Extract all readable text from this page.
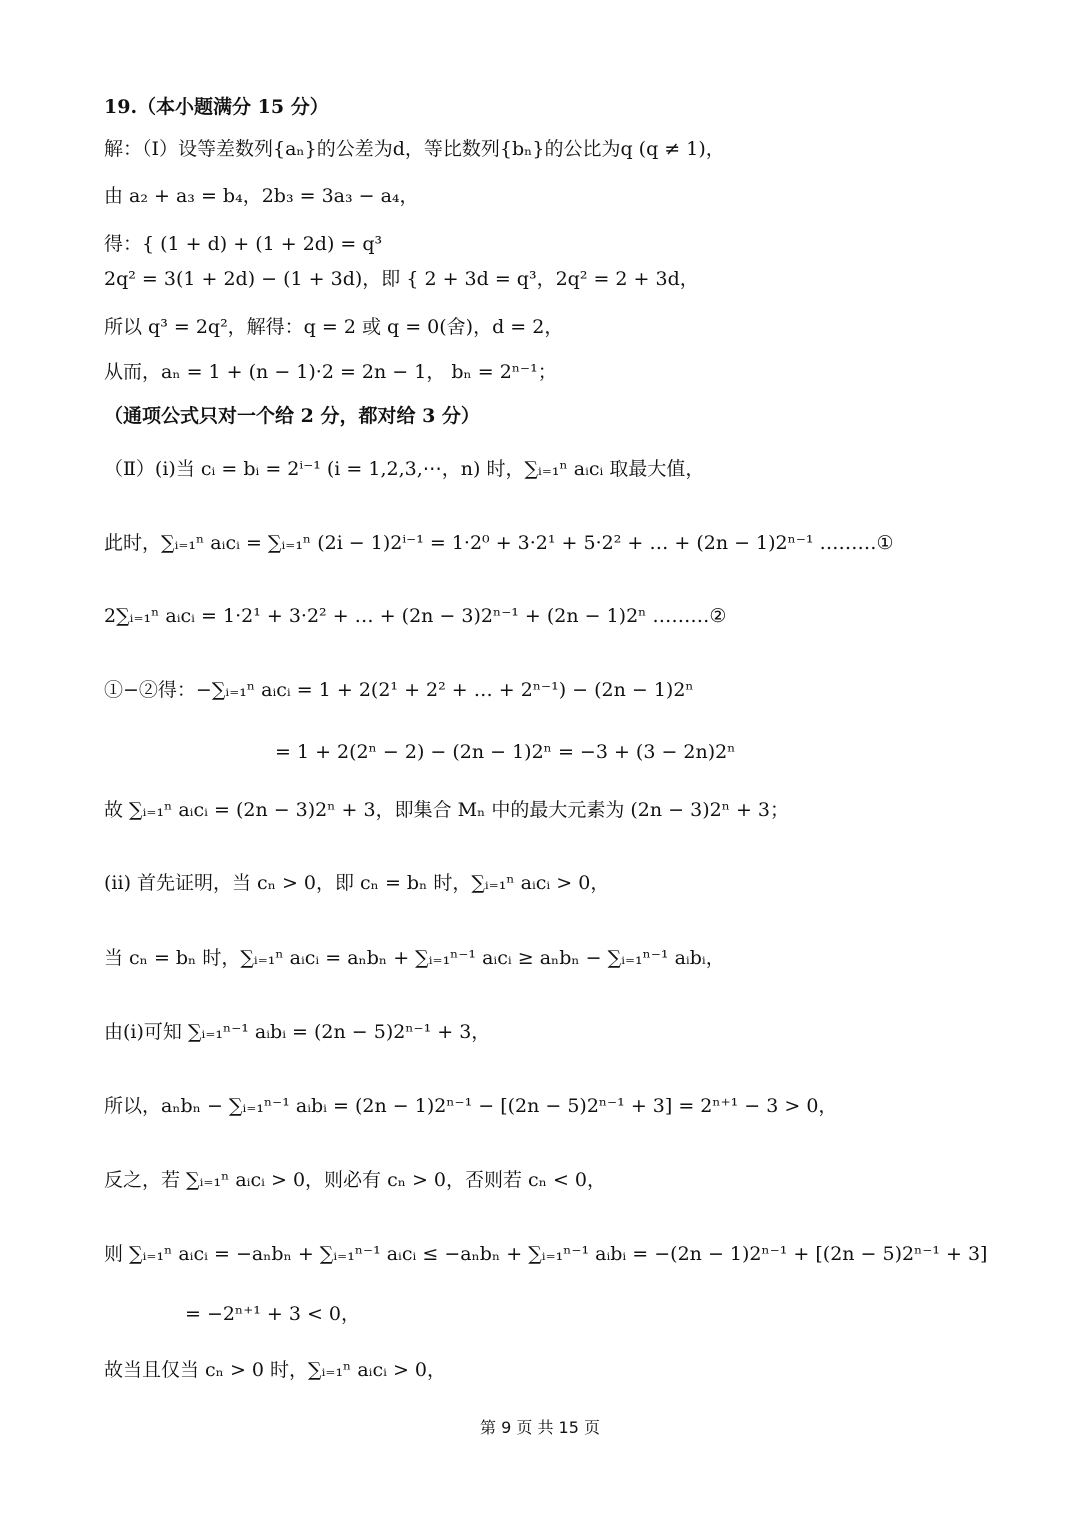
19.（本小题满分 15 分）
解：（Ⅰ）设等差数列{aₙ}的公差为d，等比数列{bₙ}的公比为q (q ≠ 1)，
由 a₂ + a₃ = b₄，2b₃ = 3a₃ − a₄，
得：{ (1 + d) + (1 + 2d) = q³
2q² = 3(1 + 2d) − (1 + 3d)，即 { 2 + 3d = q³，2q² = 2 + 3d，
所以 q³ = 2q²，解得：q = 2 或 q = 0(舍)，d = 2，
从而，aₙ = 1 + (n − 1)·2 = 2n − 1， bₙ = 2ⁿ⁻¹；
（通项公式只对一个给 2 分，都对给 3 分）
（Ⅱ）(i)当 cᵢ = bᵢ = 2ⁱ⁻¹ (i = 1,2,3,⋯，n) 时，∑ᵢ₌₁ⁿ aᵢcᵢ 取最大值，
此时，∑ᵢ₌₁ⁿ aᵢcᵢ = ∑ᵢ₌₁ⁿ (2i − 1)2ⁱ⁻¹ = 1·2⁰ + 3·2¹ + 5·2² + … + (2n − 1)2ⁿ⁻¹ ………①
2∑ᵢ₌₁ⁿ aᵢcᵢ = 1·2¹ + 3·2² + … + (2n − 3)2ⁿ⁻¹ + (2n − 1)2ⁿ ………②
①−②得：−∑ᵢ₌₁ⁿ aᵢcᵢ = 1 + 2(2¹ + 2² + … + 2ⁿ⁻¹) − (2n − 1)2ⁿ
= 1 + 2(2ⁿ − 2) − (2n − 1)2ⁿ = −3 + (3 − 2n)2ⁿ
故 ∑ᵢ₌₁ⁿ aᵢcᵢ = (2n − 3)2ⁿ + 3，即集合 Mₙ 中的最大元素为 (2n − 3)2ⁿ + 3；
(ii) 首先证明，当 cₙ > 0，即 cₙ = bₙ 时，∑ᵢ₌₁ⁿ aᵢcᵢ > 0，
当 cₙ = bₙ 时，∑ᵢ₌₁ⁿ aᵢcᵢ = aₙbₙ + ∑ᵢ₌₁ⁿ⁻¹ aᵢcᵢ ≥ aₙbₙ − ∑ᵢ₌₁ⁿ⁻¹ aᵢbᵢ，
由(i)可知 ∑ᵢ₌₁ⁿ⁻¹ aᵢbᵢ = (2n − 5)2ⁿ⁻¹ + 3，
所以，aₙbₙ − ∑ᵢ₌₁ⁿ⁻¹ aᵢbᵢ = (2n − 1)2ⁿ⁻¹ − [(2n − 5)2ⁿ⁻¹ + 3] = 2ⁿ⁺¹ − 3 > 0，
反之，若 ∑ᵢ₌₁ⁿ aᵢcᵢ > 0，则必有 cₙ > 0，否则若 cₙ < 0，
则 ∑ᵢ₌₁ⁿ aᵢcᵢ = −aₙbₙ + ∑ᵢ₌₁ⁿ⁻¹ aᵢcᵢ ≤ −aₙbₙ + ∑ᵢ₌₁ⁿ⁻¹ aᵢbᵢ = −(2n − 1)2ⁿ⁻¹ + [(2n − 5)2ⁿ⁻¹ + 3]
= −2ⁿ⁺¹ + 3 < 0，
故当且仅当 cₙ > 0 时，∑ᵢ₌₁ⁿ aᵢcᵢ > 0，
第 9 页 共 15 页
